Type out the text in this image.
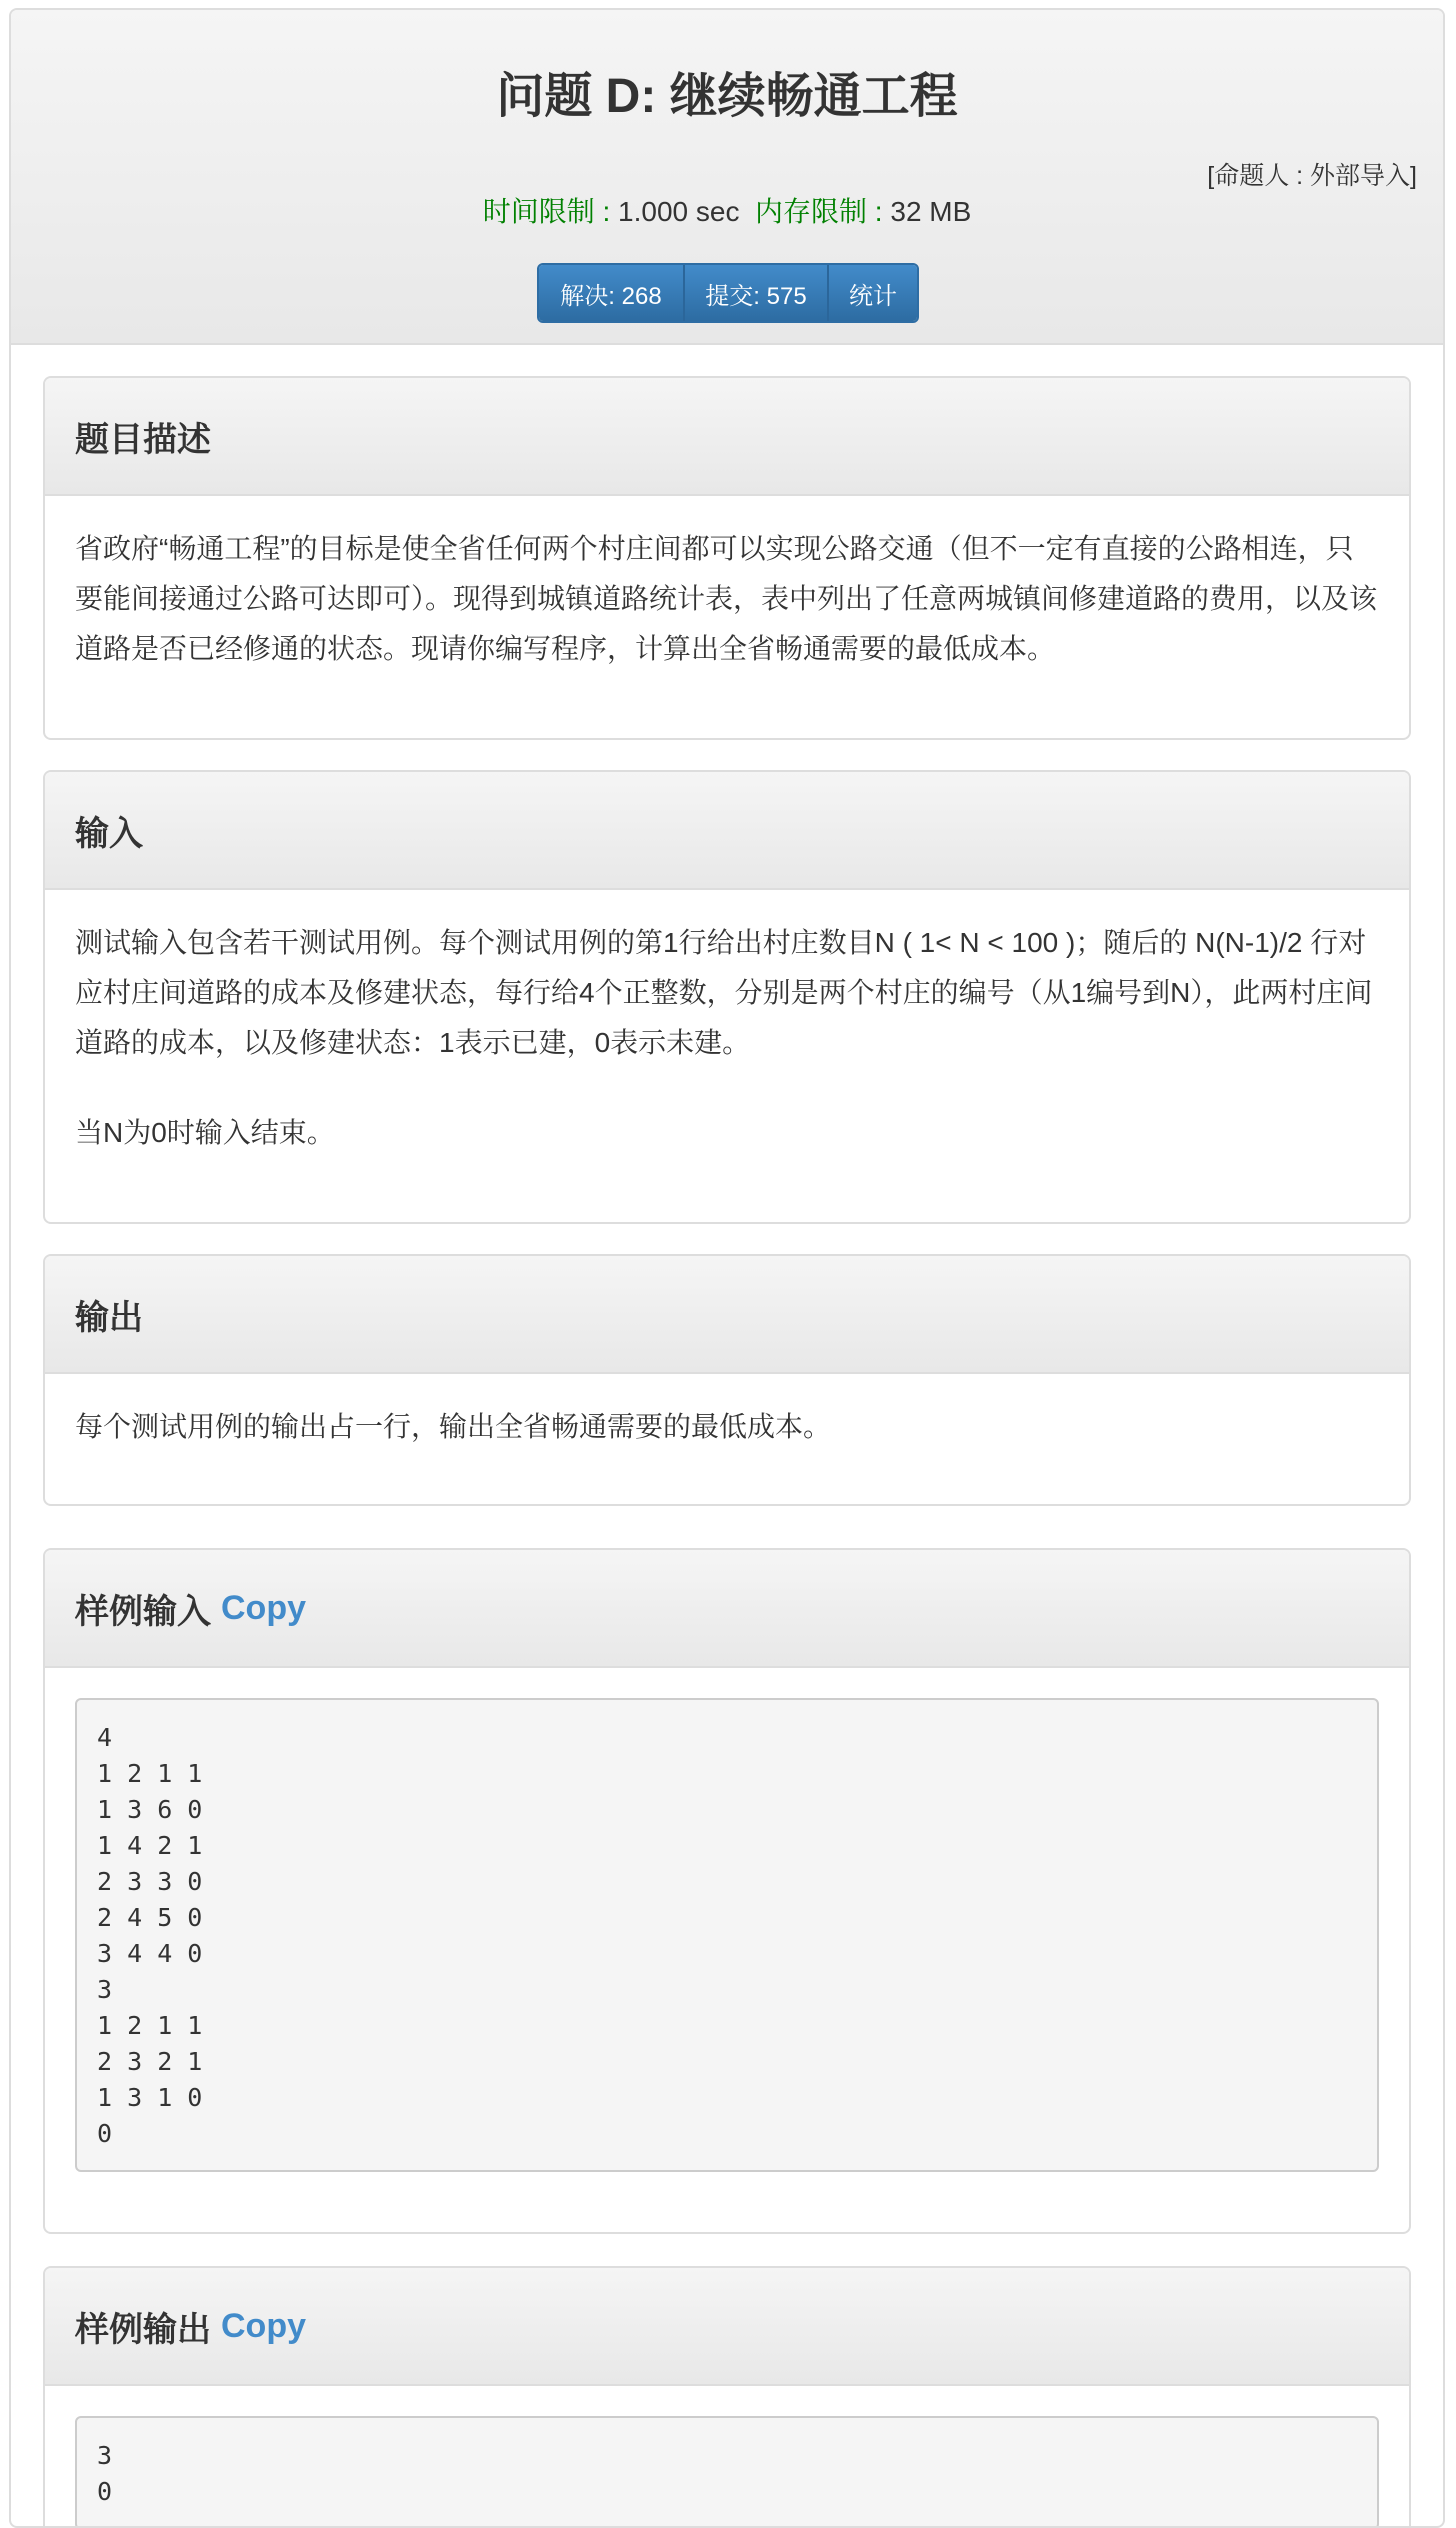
问题 D: 继续畅通工程
[命题人 : 外部导入]
时间限制 : 1.000 sec  内存限制 : 32 MB
解决: 268	提交: 575	统计
题目描述

省政府“畅通工程”的目标是使全省任何两个村庄间都可以实现公路交通（但不一定有直接的公路相连，只要能间接通过公路可达即可）。现得到城镇道路统计表，表中列出了任意两城镇间修建道路的费用，以及该道路是否已经修通的状态。现请你编写程序，计算出全省畅通需要的最低成本。

输入

测试输入包含若干测试用例。每个测试用例的第1行给出村庄数目N ( 1< N < 100 )；随后的 N(N-1)/2 行对应村庄间道路的成本及修建状态，每行给4个正整数，分别是两个村庄的编号（从1编号到N），此两村庄间道路的成本，以及修建状态：1表示已建，0表示未建。

当N为0时输入结束。

输出

每个测试用例的输出占一行，输出全省畅通需要的最低成本。

样例输入 Copy
4
1 2 1 1
1 3 6 0
1 4 2 1
2 3 3 0
2 4 5 0
3 4 4 0
3
1 2 1 1
2 3 2 1
1 3 1 0
0
样例输出 Copy
3
0
